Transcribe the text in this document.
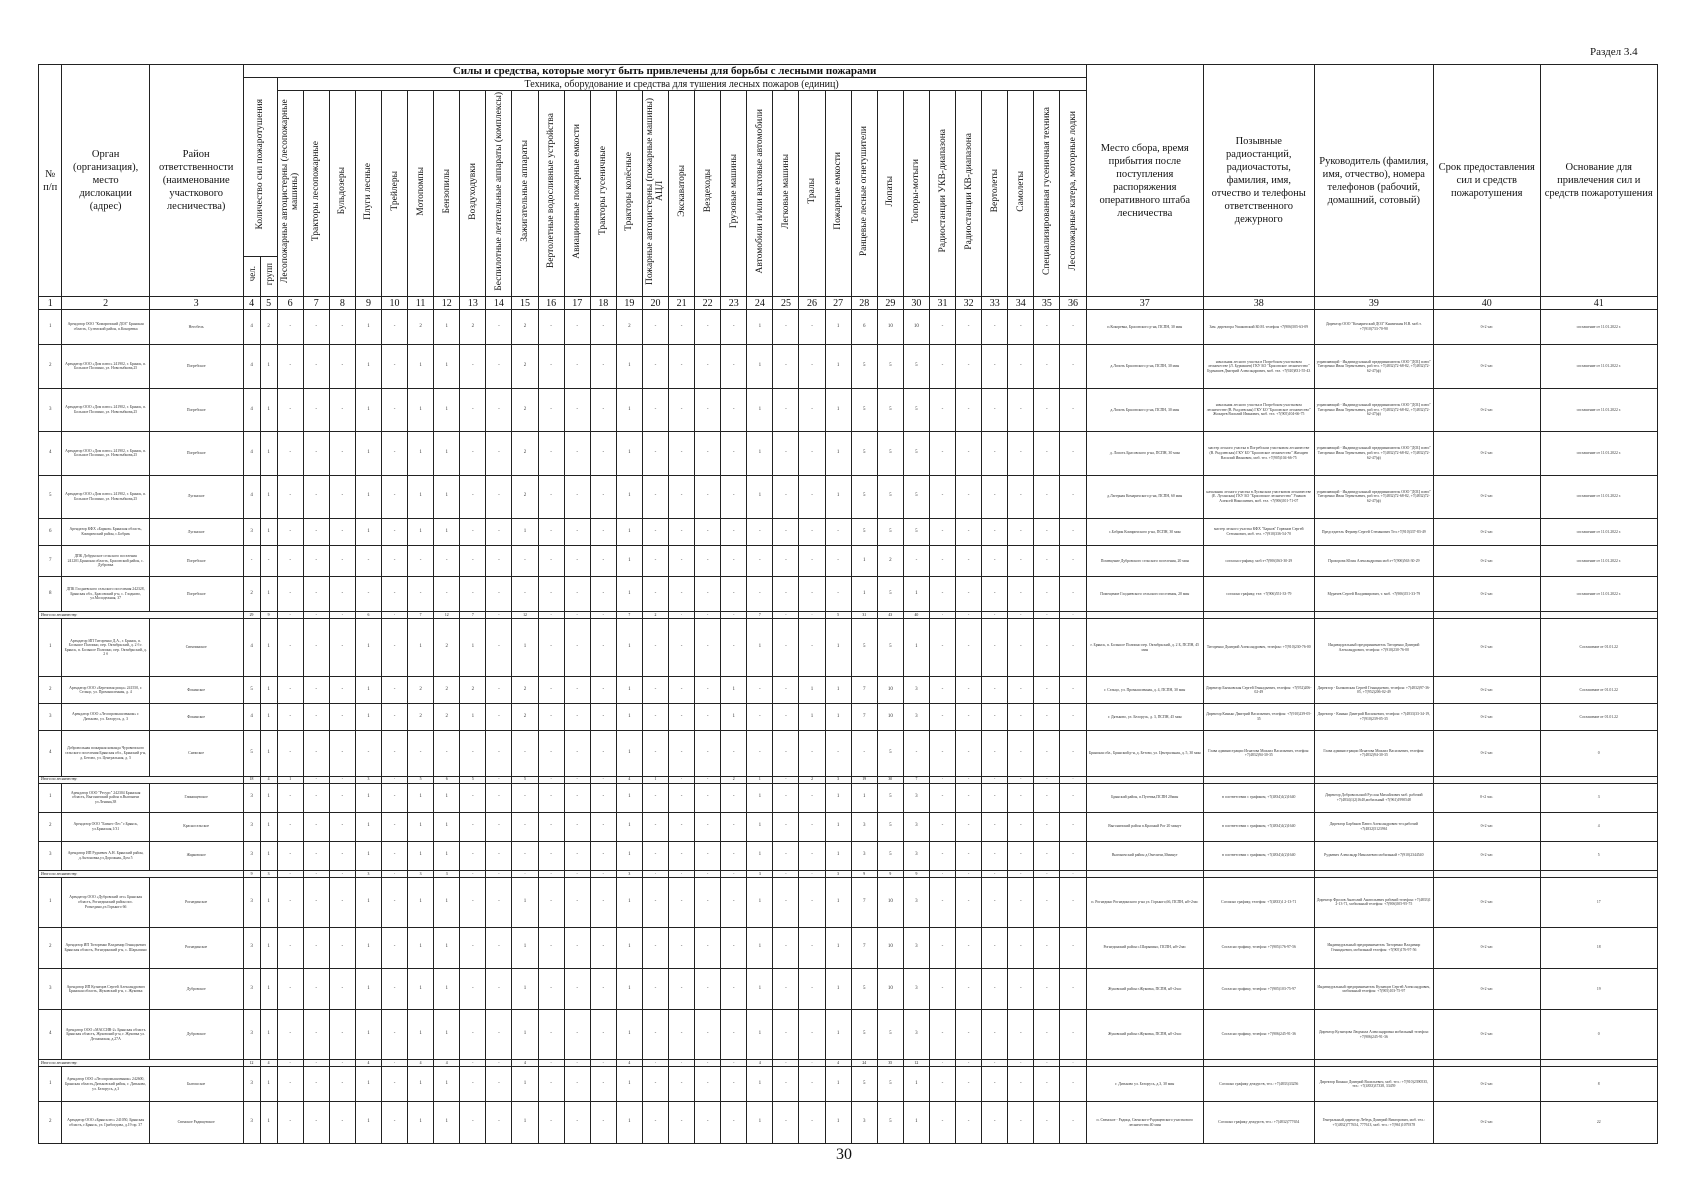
Раздел 3.4
№ п/п	Орган (организация), место дислокации (адрес)	Район ответственности (наименование участкового лесничества)	Силы и средства, которые могут быть привлечены для борьбы с лесными пожарами																																	Место сбора, время прибытия после поступления распоряжения оперативного штаба лесничества	Позывные радиостанций, радиочастоты, фамилия, имя, отчество и телефоны ответственного дежурного	Руководитель (фамилия, имя, отчество), номера телефонов (рабочий, домашний, сотовый)	Срок предоставления сил и средств пожаротушения	Основание для привлечения сил и средств пожаротушения
			Количество сил пожаротушения		Техника, оборудование и средства для тушения лесных пожаров (единиц)																																			
					Лесопожарные автоцистерны (лесопожарные машины)	Тракторы лесопожарные	Бульдозеры	Плуги лесные	Трейлеры	Мотопомпы	Бензопилы	Воздуходувки	Беспилотные летательные аппараты (комплексы)	Зажигательные аппараты	Вертолетные водосливные устройства	Авиационные пожарные емкости	Тракторы гусеничные	Тракторы колёсные	Пожарные автоцистерны (пожарные машины) АЦЛ	Экскаваторы	Вездеходы	Грузовые машины	Автомобили н/или вахтовые автомобили	Легковые машины	Тралы	Пожарные емкости	Ранцевые лесные огнетушители	Лопаты	Топоры-мотыги	Радиостанции УКВ-диапазона	Радиостанции КВ-диапазона	Вертолеты	Самолеты	Специализированная гусеничная техника	Лесопожарные катера, моторные лодки					
			чел.	групп																																				
1	2	3	4	5	6	7	8	9	10	11	12	13	14	15	16	17	18	19	20	21	22	23	24	25	26	27	28	29	30	31	32	33	34	35	36	37	38	39	40	41
1	Арендатор ООО "Комаричский ДОЗ" Брянская область, Суземский район, п.Кокоревка	Негобель	4	2	-	-	-	1	-	2	1	2	-	2	-	-	-	2	-	-	-	-	1	-	-	1	6	10	10	-	-	-	-	-	-	п.Кокоревка, Брасовского р-на, ПСПН, 30 мин	Зам. директора Ушаковский Ю.М. телефон +7(906)505-63-09	Директор ООО "Комаричский ДОЗ" Князичкин Н.В. моб.т. +7(910)733-70-90	0+2 час	соглашение от 11.01.2022 г.
2	Арендатор ООО «Дом плюс» 241902, г. Брянск, п. Большое Полпино, ул. Новозыбкова,25	Погребское	4	1	-	-	-	1	-	1	1	-	-	2	-	-	-	1	-	-	-	-	1	-	-	1	5	5	5	-	-	-	-	-	-	д.Лопоть Брасовского р-на, ПСПН, 30 мин	начальник лесного участка в Погребском участковом лесничестве (Л. Бурмашев) ГКУ БО "Брасовское лесничество" Бурмашев Дмитрий Александрович, моб. тел. +7(920)831-55-43	управляющий - Индивидуальный предприниматель ООО "ДОЦ плюс" Титоренко Иван Терентьевич, раб.тел. +7(4832)72-68-82, +7(4832)72-62-47(ф)	0+2 час	соглашение от 11.01.2022 г.
3	Арендатор ООО «Дом плюс» 241902, г. Брянск, п. Большое Полпино, ул. Новозыбкова,25	Погребское	4	1	-	-	-	1	-	1	1	-	-	2	-	-	-	1	-	-	-	-	1	-	-	1	5	5	5	-	-	-	-	-	-	д.Лопоть Брасовского р-на, ПСПН, 30 мин	начальник лесного участка в Погребском участковом лесничестве (В. Рыдлевская) ГКУ БО "Брасовское лесничество" Жихарев Василий Иванович, моб. тел. +7(905)104-66-75	управляющий - Индивидуальный предприниматель ООО "ДОЦ плюс" Титоренко Иван Терентьевич, раб.тел. +7(4832)72-68-82, +7(4832)72-62-47(ф)	0+2 час	соглашение от 11.01.2022 г.
4	Арендатор ООО «Дом плюс» 241902, г. Брянск, п. Большое Полпино, ул. Новозыбкова,25	Погребское	4	1	-	-	-	1	-	1	1	-	-	2	-	-	-	1	-	-	-	-	1	-	-	1	5	5	5	-	-	-	-	-	-	д. Лопоть Брасовского р-на, ПСПН, 30 мин	мастер лесного участка в Погребском участковом лесничестве (В. Рыдлевская) ГКУ БО "Брасовское лесничество" Жихарев Василий Иванович, моб. тел. +7(905)104-66-75	управляющий - Индивидуальный предприниматель ООО "ДОЦ плюс" Титоренко Иван Терентьевич, раб.тел. +7(4832)72-68-82, +7(4832)72-62-47(ф)	0+2 час	соглашение от 11.01.2022 г.
5	Арендатор ООО «Дом плюс» 241902, г. Брянск, п. Большое Полпино, ул. Новозыбкова,25	Луганское	4	1	-	-	-	1	-	1	1	-	-	2	-	-	-	1	-	-	-	-	1	-	-	1	5	5	5	-	-	-	-	-	-	д.Лагерная Комаричского р-на, ПСПН, 60 мин	начальник лесного участка в Луганском участковом лесничестве (Е. Луганская) ГКУ БО "Брасовское лесничество" Ушаков Алексей Николаевич, моб. тел. +7(906)501-71-07	управляющий - Индивидуальный предприниматель ООО "ДОЦ плюс" Титоренко Иван Терентьевич, раб.тел. +7(4832)72-68-82, +7(4832)72-62-47(ф)	0+2 час	соглашение от 11.01.2022 г.
6	Арендатор КФХ «Барков» Брянская область, Комаричский район, с.Бобрик	Луганское	3	1	-	-	-	1	-	1	1	-	-	1	-	-	-	1	-	-	-	-	-	-	-	-	5	5	5	-	-	-	-	-	-	с.Бобрик Комаричского р-на, ПСПН, 30 мин	мастер лесного участка КФХ "Барков" Горюнов Сергей Степанович, моб. тел. +7(910)336-54-70	Председатель Фермер Сергей Степанович Тел.+7(910)337-83-49	0+2 час	соглашение от 11.01.2022 г.
7	ДПК Добрунское сельского поселения 241201,Брянская область, Брасовский район, с. Дубровка	Погребское	-	-	-	-	-	-	-	-	-	-	-	-	-	-	-	1	-	-	-	-	-	-	-	-	1	2	-	-	-	-	-	-	-	Помещение Дубровского сельского поселения, 20 мин	согласно графику, моб.т+7(906)563-30-29	Прохорова Юлия Александровна моб.т+7(906)563-30-29	0+2 час	соглашение от 11.01.2022 г.
8	ДПК Глодневского сельского поселения 242328, Брянская обл., Брасовский р-н, с. Глодново, ул.Молодежная, 37	Погребское	2	1	-	-	-	-	-	-	-	-	-	-	-	-	-	1	-	-	-	-	-	-	-	-	1	5	1	-	-	-	-	-	-	Помещение Глодневского сельского поселения, 20 мин	согласно графику, тел: +7(906)551-33-79	Мурачев Сергей Владимирович, т. моб. +7(906)551-33-79	0+2 час	соглашение от 11.01.2022 г.
Итого по лесничеству:			29	9	-	-	-	6	-	7	12	7	-	12	-	-	-	7	2	-	-	-	7	-	-	5	31	43	40	-	-	-	-	-	-					
1	Арендатор ИП Титоренко Д.А., г. Брянск, п. Большое Полпино, пер. Октябрьский, д. 2 б г. Брянск, п. Большое Полпино, пер. Октябрьский, д. 2 б	Свенчинское	4	1	-	-	-	1	-	1	2	1	-	1	-	-	-	1	-	-	-	-	1	-	-	1	5	5	1	-	-	-	-	-	-	г. Брянск, п. Большое Полпино пер. Октябрьский, д. 2 Б, ПСПН, 45 мин	Титоренко Дмитрий Александрович, телефон: +7(910)230-76-00	Индивидуальный предприниматель Титоренко Дмитрий Александрович, телефон: +7(910)230-76-00	0+2 час	Соглашение от 01.01.22
2	Арендатор ООО «Березовая роща» 241550, г. Сельцо, ул. Промышленная, д. 4	Фокинское	5	1	-	-	-	1	-	2	2	2	-	2	-	-	-	1	-	-	-	1	-	-	1	1	7	10	3	-	-	-	-	-	-	г. Сельцо, ул. Промышленная, д. 4, ПСПН, 30 мин	Директор Бычковская Сергей Геннадьевич, телефон: +7(952)206-02-49	Директор - Бычковская Сергей Геннадьевич, телефон: +7(4832)97-36-05, +7(952)206-02-49	0+2 час	Соглашение от 01.01.22
3	Арендатор ООО «Лесопромышленник» г. Дятьково, ул. Белорусь, д. 3	Фокинское	4	1	-	-	-	1	-	2	2	1	-	2	-	-	-	1	-	-	-	1	-	-	1	1	7	10	3	-	-	-	-	-	-	г. Дятьково, ул. Белорусь, д. 3, ПСПН, 45 мин	Директор Кинько Дмитрий Васильевич, телефон: +7(910)239-05-35	Директор - Кинько Дмитрий Васильевич, телефон: +7(4833)33-34-19, +7(910)239-05-35	0+2 час	Соглашение от 01.01.22
4	Добровольная пожарная команда Чуровичского сельского поселения Брянская обл., Брянский р-н, д. Бетово, ул. Центральная, д. 5	Снежское	5	1	-	-	-	-	-	-	-	-	-	-	-	-	-	1	-	-	-	-	-	-	-	-	-	5	-	-	-	-	-	-	-	Брянская обл., Брянский р-н, д. Бетово, ул. Центральная, д. 5, 30 мин	Глава администрации Игнатова Михаил Васильевич, телефон: +7(4832)94-30-35	Глава администрации Игнатова Михаил Васильевич, телефон: +7(4832)94-30-35	0+2 час	0
Итого по лесничеству:			18	4	1	-	-	3	-	5	6	5	-	5	-	-	-	4	1	-	-	2	1	-	2	3	19	30	7	-	-	-	-	-	-					
1	Арендатор ООО "Ресурс" 242304 Брянская область, Выгоничский район п.Выгоничи ул.Ленина,38	Глинищевское	3	1	-	-	-	1	-	1	1	-	-	-	-	-	-	1	-	-	-	-	1	-	-	1	1	5	3	-	-	-	-	-	-	Брянский район, п.Путевка,ПСПН 20мин	в соответствии с графиком, +7(4834)1(2)1640	Директор Добровольский Руслан Михайлович моб. рабочий +7(4834)1(2)1640,мобильный +7(961)1990548	0+2 час.	3
2	Арендатор ООО "Бизнес-Лес" г.Брянск, ул.Брянская,1/31	Красносельское	3	1	-	-	-	1	-	1	1	-	-	-	-	-	-	1	-	-	-	-	1	-	-	1	3	5	3	-	-	-	-	-	-	Выгоничский район п.Красный Рог 20 минут	в соответствии с графиком, +7(4834)1(2)1640	Директор Барбаков Павел Александрович тел.рабочий +7(4832)5123961	0+2 час	4
3	Арендатор ИП Рудкевич А.Н. Брянский район, д.Антоновка,ул.Дорожная, Дом 5	Жарковское	3	1	-	-	-	1	-	1	1	-	-	-	-	-	-	1	-	-	-	-	1	-	-	1	3	5	3	-	-	-	-	-	-	Выгоничский район д.Омеличи,30минут	в соответствии с графиком, +7(4834)1(2)1640	Рудкевич Александр Николаевич мобильный +7(910)2344540	0+2 час	5
Итого по лесничеству:			9	3	-	-	-	3	-	3	3	-	-	-	-	-	-	3	-	-	-	-	3	-	-	3	9	9	9	-	-	-	-	-	-					
1	Арендатор ООО «Дубровский лес» Брянская область, Рогнединский район пос. Рогнедино,ул.Горького 66	Рогнединское	3	1	-	-	-	1	-	1	1	-	-	1	-	-	-	1	-	-	-	-	1	-	-	1	7	10	3	-	-	-	-	-	-	п. Рогнедино Рогнединского р-на ул. Горького,66, ПСПН, н0+2час	Согласно графику, телефон: +7(4833)1 2-13-71	Директор Фролов Анатолий Анатольевич рабочий телефон: +7(4833)1 2-13-71, мобильный телефон: +7(906)505-95-75	0+2 час	17
2	Арендатор ИП Титоренко Владимир Геннадьевич Брянская область, Рогнединский р-н, с. Шарыпино	Рогнединское	3	1	-	-	-	1	-	1	1	-	-	1	-	-	-	1	-	-	-	-	1	-	-	1	7	10	3	-	-	-	-	-	-	Рогнединский район с.Шарыпино, ПСПН, н0+2час	Согласно графику, телефон: +7(905)176-97-56	Индивидуальный предприниматель Титоренко Владимир Геннадьевич, мобильный телефон: +7(905)176-97-56	0+2 час	18
3	Арендатор ИП Кузнецов Сергей Александрович Брянская область, Жуковский р-н, с. Жуковка	Дубровское	3	1	-	-	-	1	-	1	1	-	-	1	-	-	-	1	-	-	-	-	1	-	-	1	5	10	3	-	-	-	-	-	-	Жуковский район г.Жуковка, ПСПН, н0+2час	Согласно графику, телефон: +7(905)103-75-97	Индивидуальный предприниматель Кузнецов Сергей Александрович, мобильный телефон: +7(905)103-75-97	0+2 час	19
4	Арендатор ООО «МАССИВ-2» Брянская область Брянская область, Жуковский р-н, г. Жуковка ул. Деснинская, д.27А	Дубровское	3	1	-	-	-	1	-	1	1	-	-	1	-	-	-	1	-	-	-	-	1	-	-	1	5	5	3	-	-	-	-	-	-	Жуковский район г.Жуковка, ПСПН, н0+2час	Согласно графику, телефон: +7(906)245-91-36	Директор Кузнецова Людмила Александровна мобильный телефон: +7(906)245-91-36	0+2 час	0
Итого по лесничеству:			12	4	-	-	-	4	-	4	4	-	-	4	-	-	-	4	-	-	-	-	4	-	-	4	24	35	12	-	-	-	-	-	-					
1	Арендатор ООО «Лесопромышленник» 242600, Брянская область,Дятьковский район, г. Дятьково, ул. Белорусь, д.3	Бытошское	3	1	-	-	-	1	-	1	1	-	-	1	-	-	-	1	-	-	-	-	1	-	-	1	5	5	1	-	-	-	-	-	-	г. Дятьково ул. Белорусь, д.3, 30 мин	Согласно графику дежурств, тел.: +7(4833)33256	Директор Кинько Дмитрий Васильевич, моб. тел.: +7(910)2390535, тел.: +7(4833)37338, 33459	0+2 час	8
2	Арендатор ООО «Брянсклес» 241050, Брянская область, г.Брянск, ул. Грибоедова, д.19 пр. 37	Свенское Радищевское	3	1	-	-	-	1	-	1	1	-	-	1	-	-	-	1	-	-	-	-	1	-	-	1	3	5	1	-	-	-	-	-	-	п. Свенское - Радица, Свенского-Радищевского участкового лесничества 40 мин	Согласно графику дежурств, тел.: +7(4832)777654	Генеральный директор Лебедь Дмитрий Викторович, моб. тел.: +7(4832)777654, 77761З, моб. тел.: +7(961)1079378	0+2 час	22
30
